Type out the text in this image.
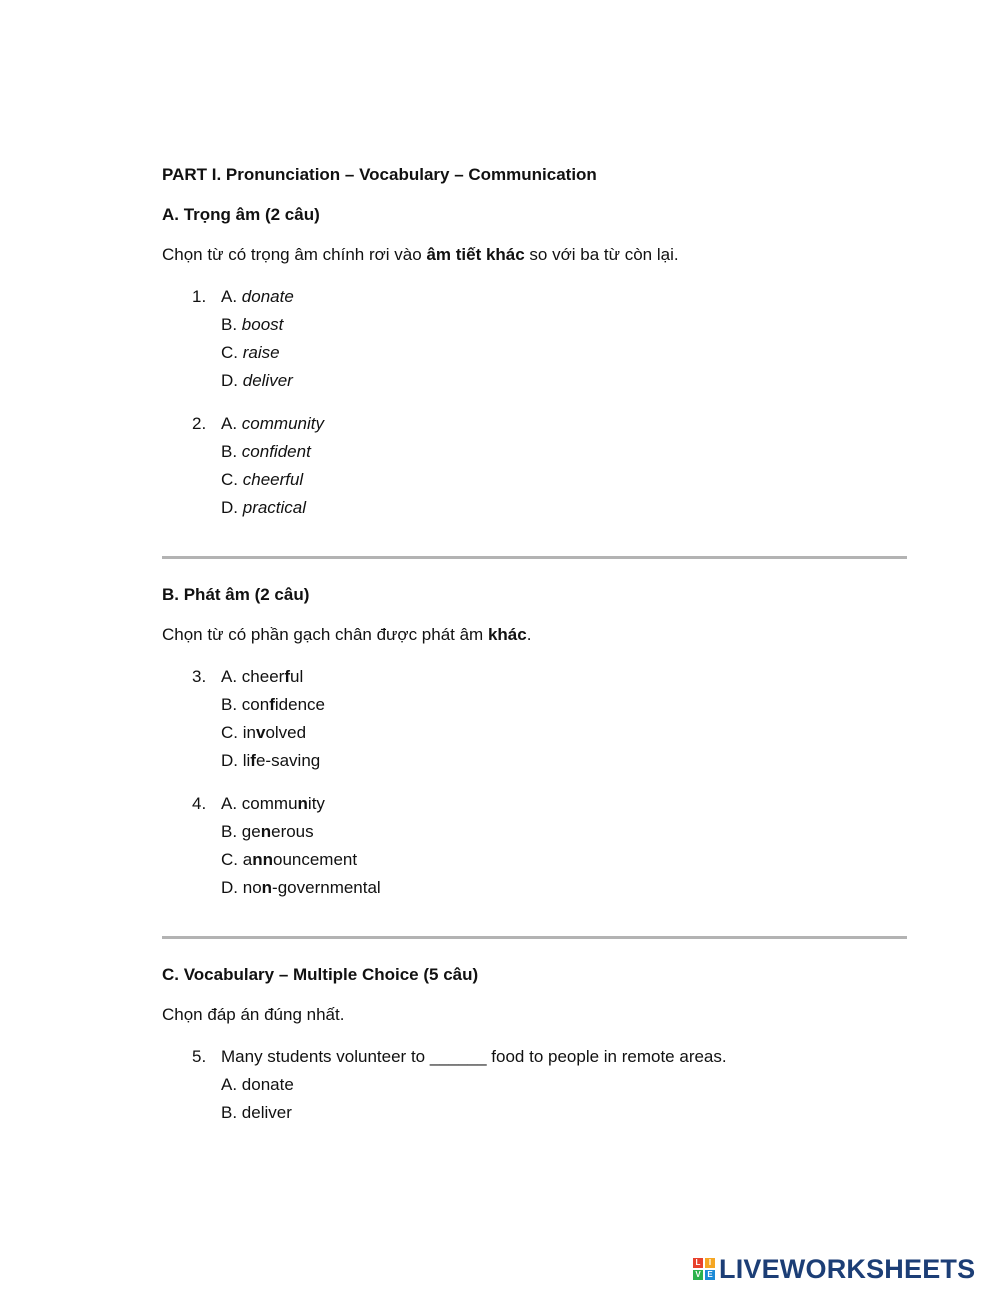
PART I. Pronunciation – Vocabulary – Communication
A. Trọng âm (2 câu)
Chọn từ có trọng âm chính rơi vào âm tiết khác so với ba từ còn lại.
1. A. donate
B. boost
C. raise
D. deliver
2. A. community
B. confident
C. cheerful
D. practical
B. Phát âm (2 câu)
Chọn từ có phần gạch chân được phát âm khác.
3. A. cheerful
B. confidence
C. involved
D. life-saving
4. A. community
B. generous
C. announcement
D. non-governmental
C. Vocabulary – Multiple Choice (5 câu)
Chọn đáp án đúng nhất.
5. Many students volunteer to ______ food to people in remote areas.
A. donate
B. deliver
L	I
V E LIVEWORKSHEETS
